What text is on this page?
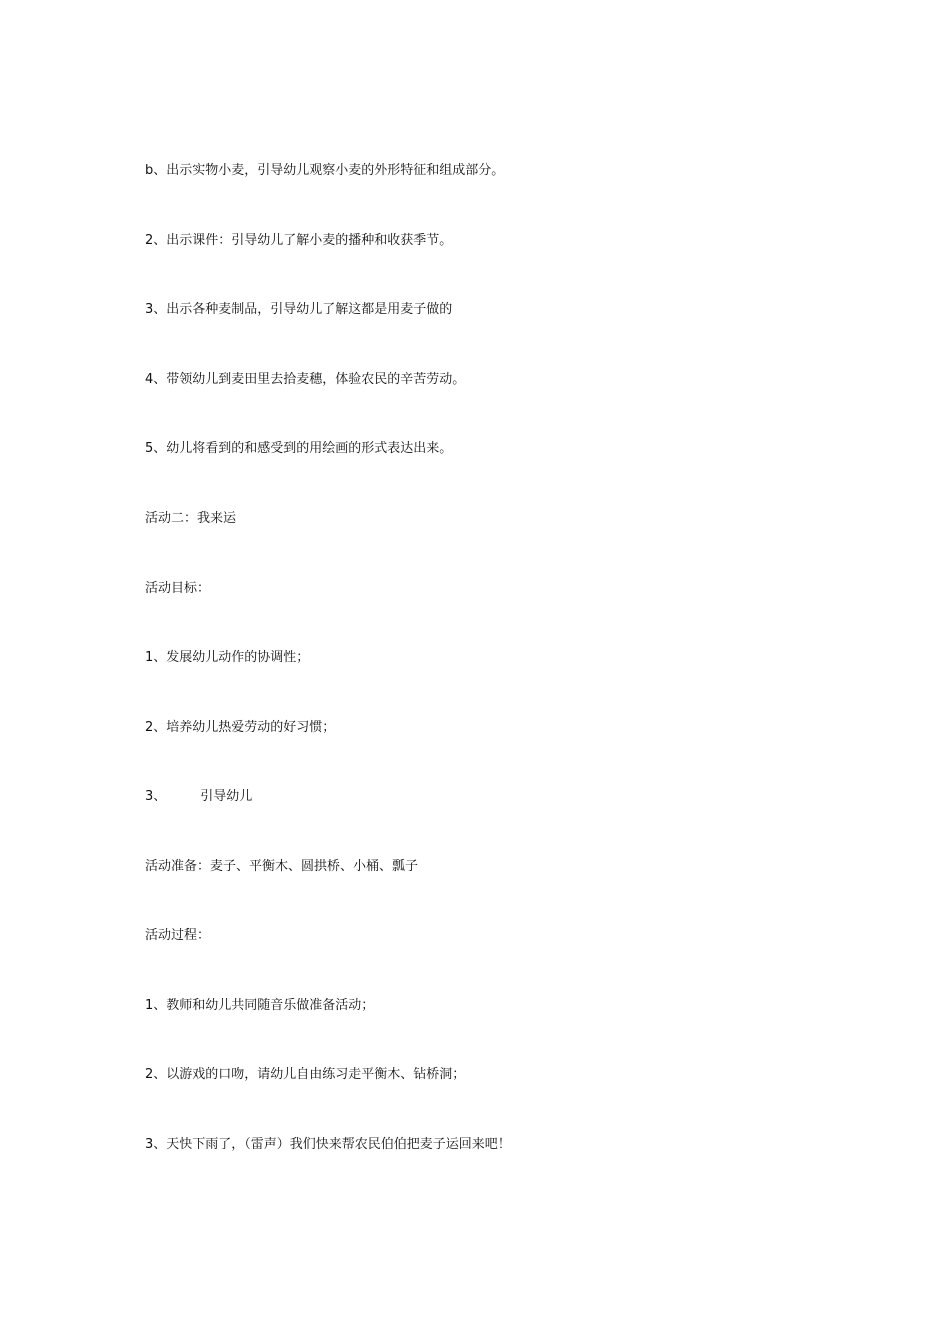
b、出示实物小麦，引导幼儿观察小麦的外形特征和组成部分。
2、出示课件：引导幼儿了解小麦的播种和收获季节。
3、出示各种麦制品，引导幼儿了解这都是用麦子做的
4、带领幼儿到麦田里去拾麦穗，体验农民的辛苦劳动。
5、幼儿将看到的和感受到的用绘画的形式表达出来。
活动二：我来运
活动目标：
1、发展幼儿动作的协调性；
2、培养幼儿热爱劳动的好习惯；
3、	引导幼儿
活动准备：麦子、平衡木、圆拱桥、小桶、瓢子
活动过程：
1、教师和幼儿共同随音乐做准备活动；
2、以游戏的口吻，请幼儿自由练习走平衡木、钻桥洞；
3、天快下雨了，（雷声）我们快来帮农民伯伯把麦子运回来吧！
